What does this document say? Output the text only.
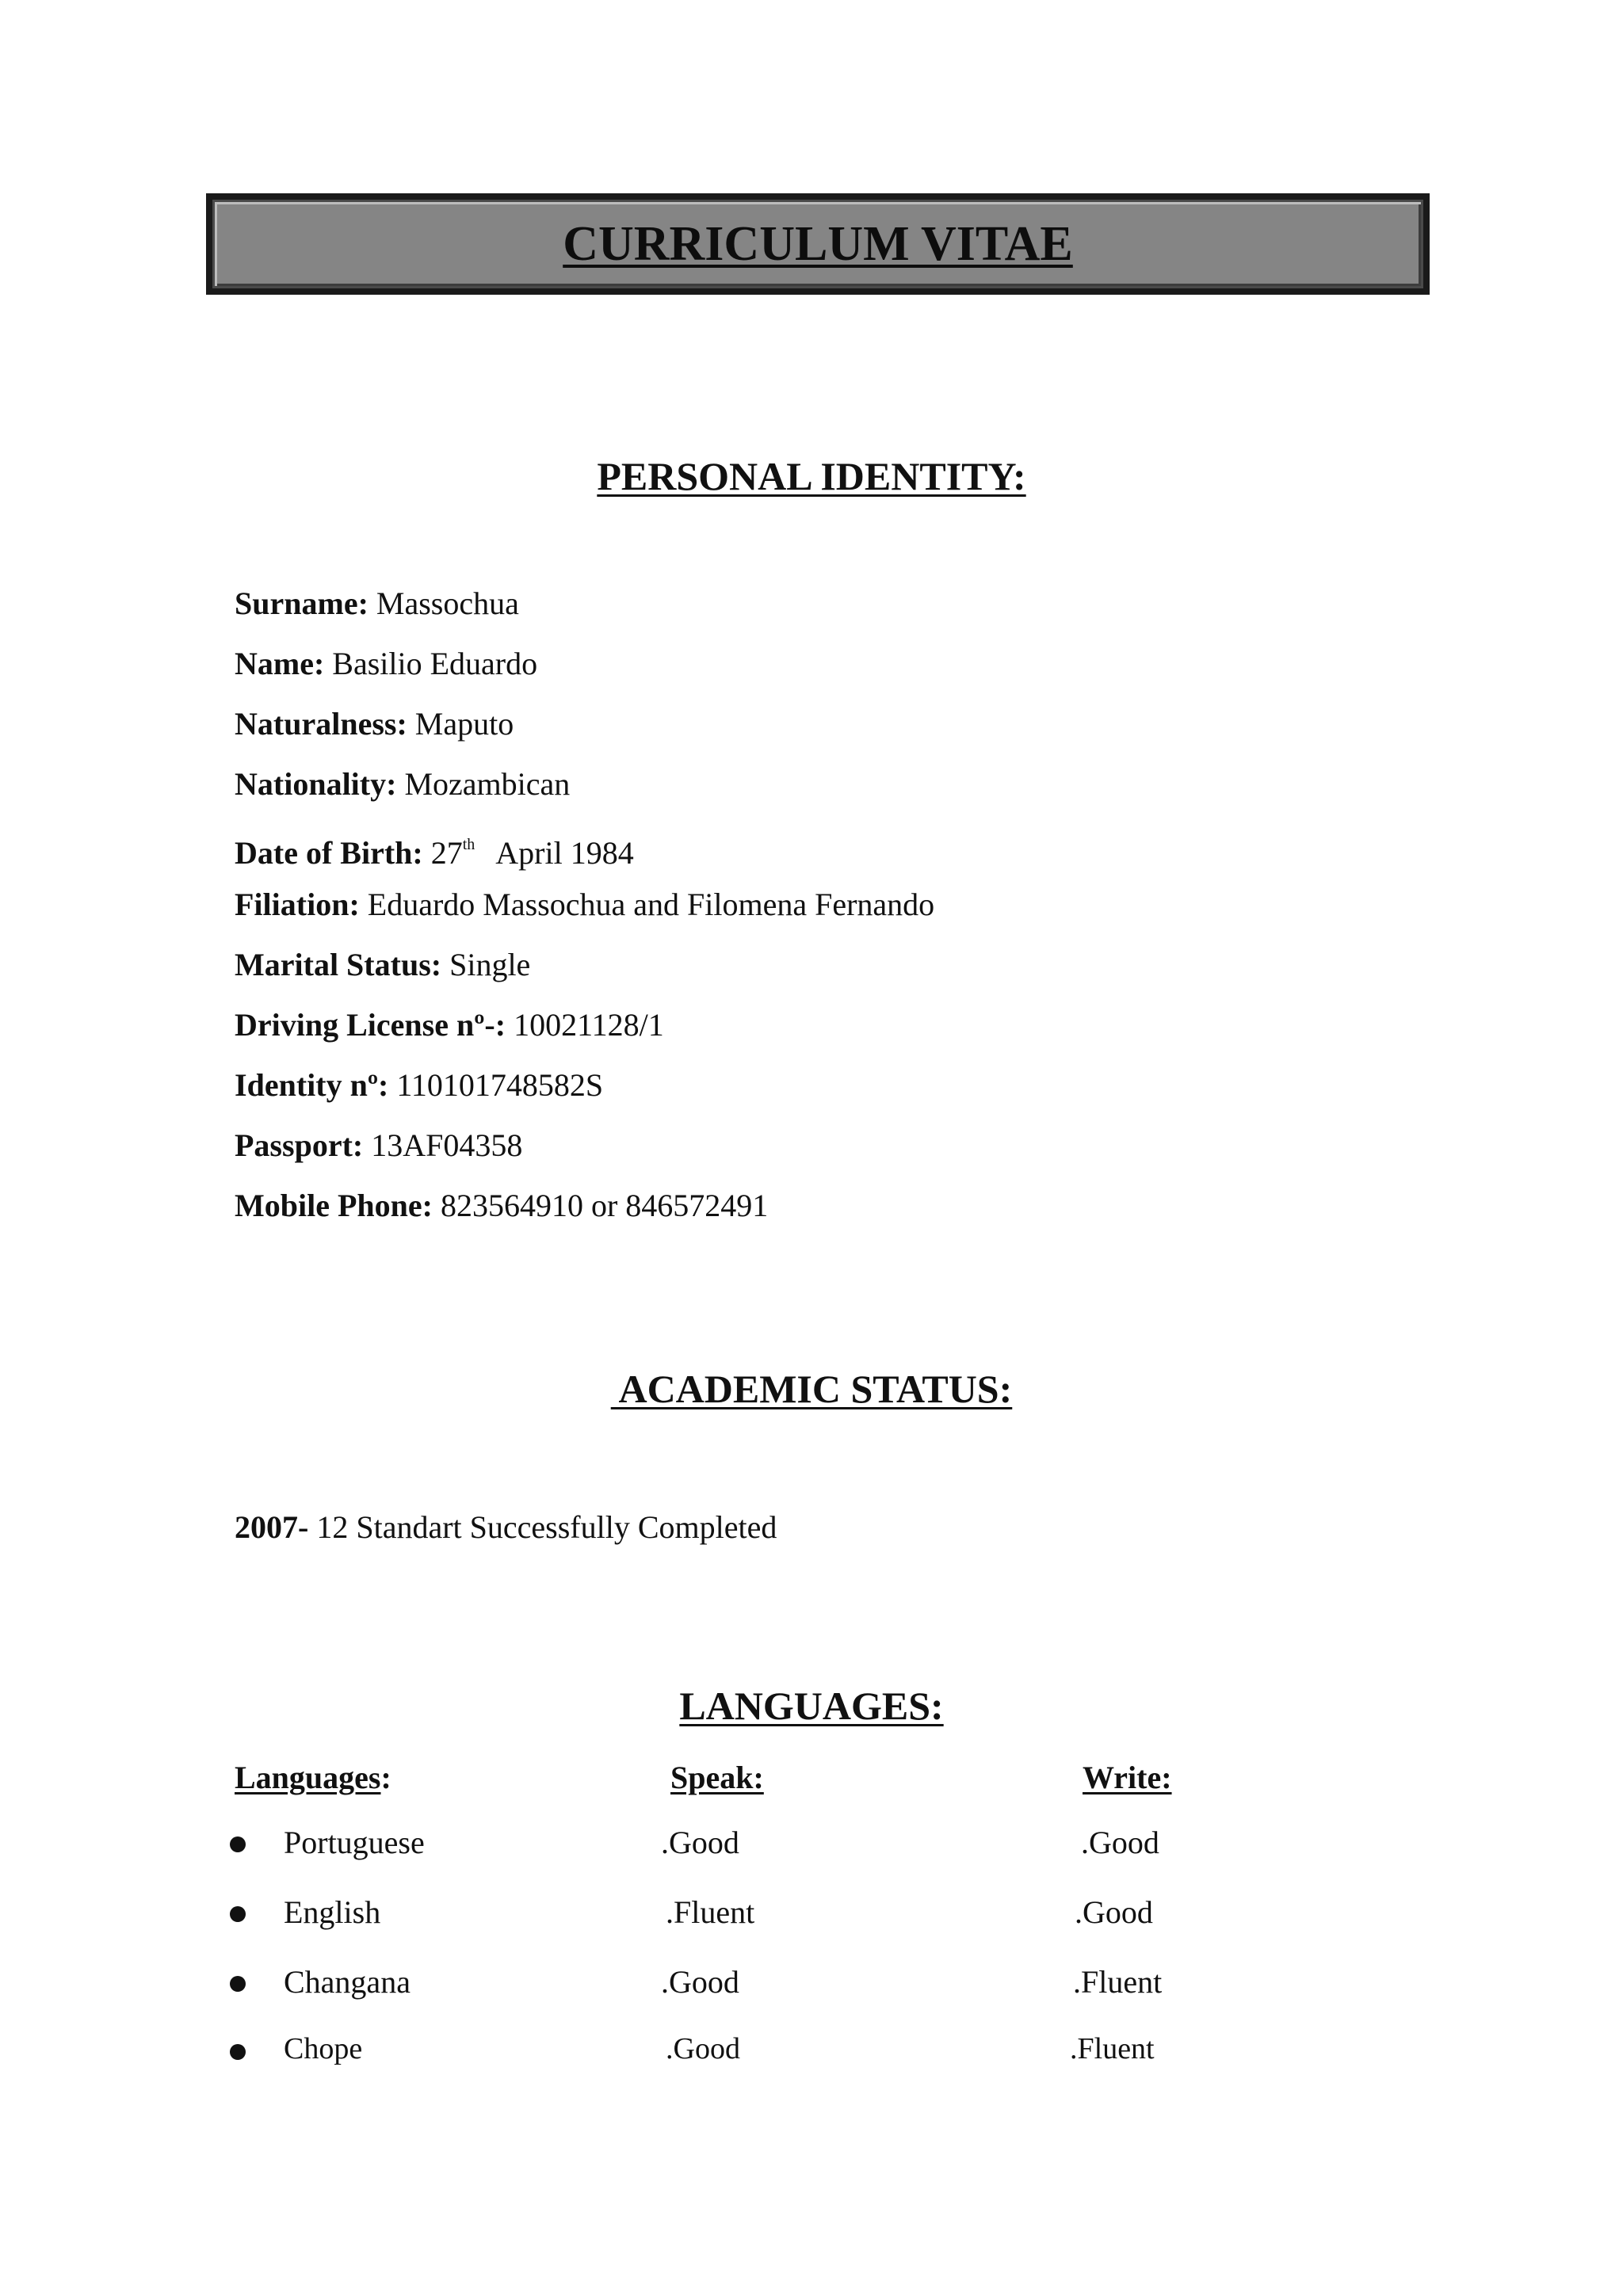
CURRICULUM VITAE
PERSONAL IDENTITY:
Surname: Massochua
Name: Basilio Eduardo
Naturalness: Maputo
Nationality: Mozambican
Date of Birth: 27th April 1984
Filiation: Eduardo Massochua and Filomena Fernando
Marital Status: Single
Driving License nº-: 10021128/1
Identity nº: 110101748582S
Passport: 13AF04358
Mobile Phone: 823564910 or 846572491
ACADEMIC STATUS:
2007- 12 Standart Successfully Completed
LANGUAGES:
Languages:	Speak:	Write:
Portuguese	.Good	.Good
English	.Fluent	.Good
Changana	.Good	.Fluent
Chope	.Good	.Fluent
